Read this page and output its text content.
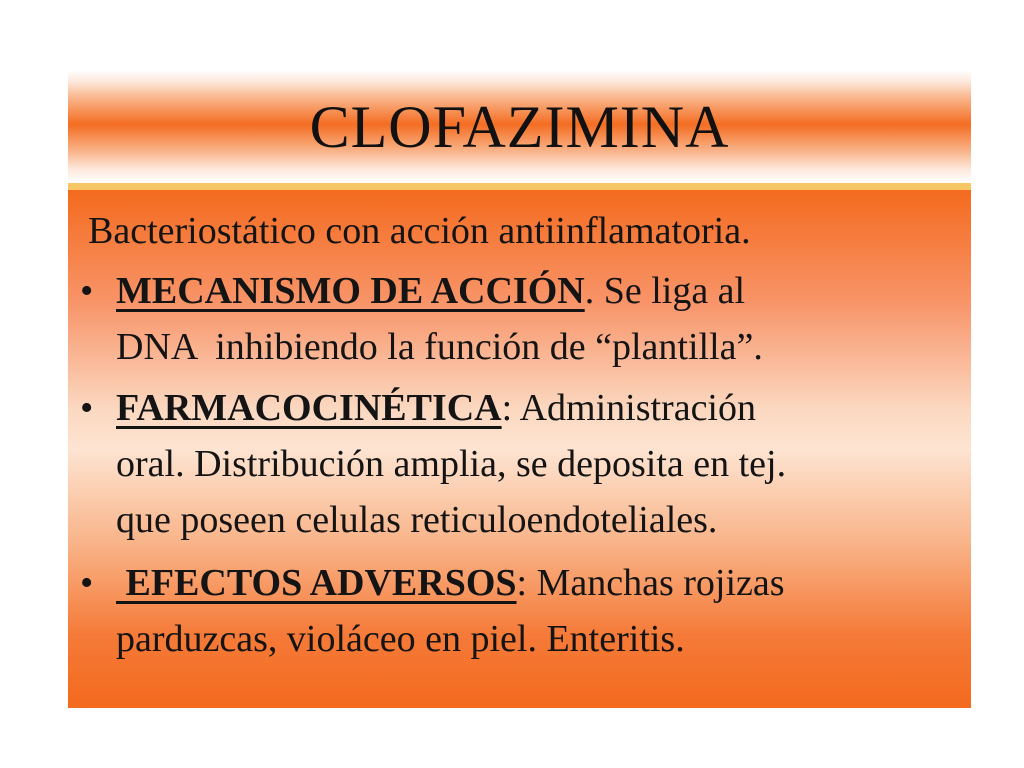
CLOFAZIMINA
Bacteriostático con acción antiinflamatoria.
• MECANISMO DE ACCIÓN. Se liga al
DNA  inhibiendo la función de “plantilla”.
• FARMACOCINÉTICA: Administración
oral. Distribución amplia, se deposita en tej.
que poseen celulas reticuloendoteliales.
• EFECTOS ADVERSOS: Manchas rojizas
parduzcas, violáceo en piel. Enteritis.
